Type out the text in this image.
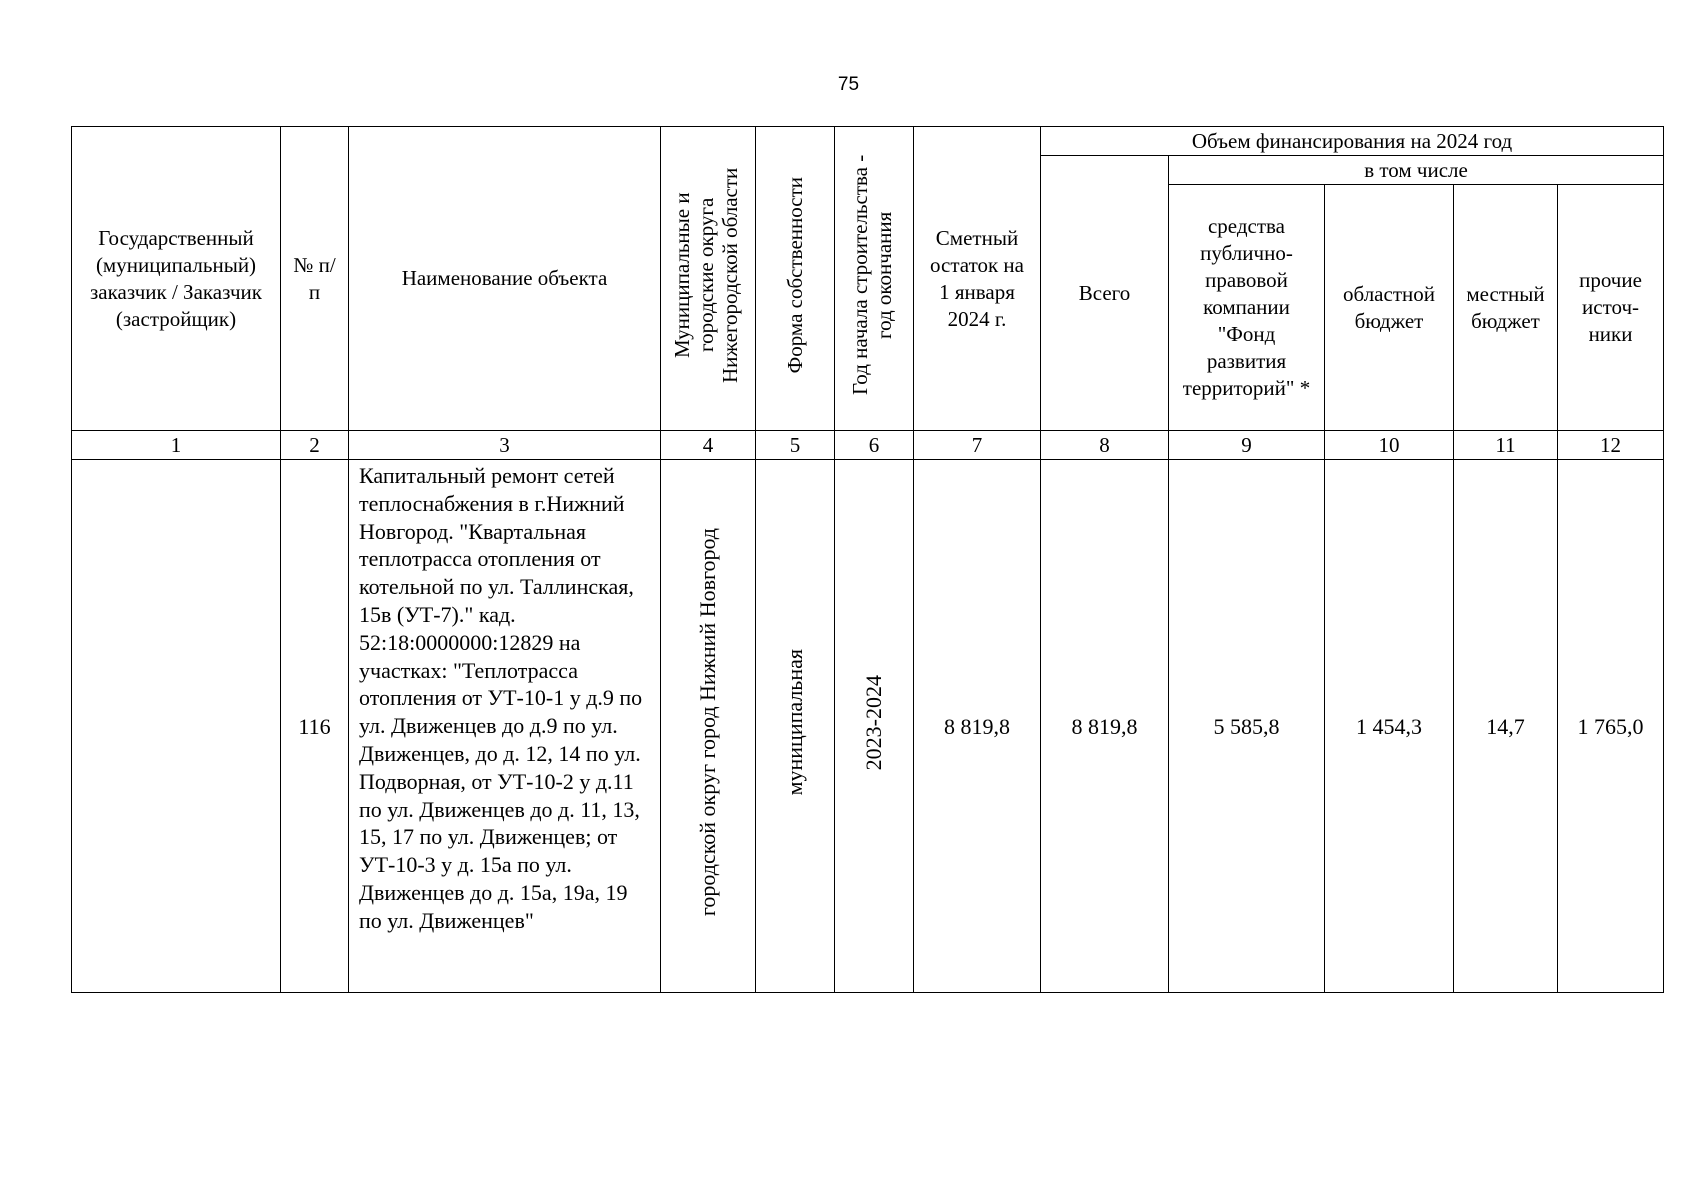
75
Государственный (муниципальный) заказчик / Заказчик (застройщик)	№ п/п	Наименование объекта	Муниципальные и городские округа Нижегородской области	Форма собственности	Год начала строительства - год окончания	Сметный остаток на 1 января 2024 г.	Объем финансирования на 2024 год				
							Всего	в том числе			
								средства публично-правовой компании "Фонд развития территорий" *	областной бюджет	местный бюджет	прочие источ-ники
1	2	3	4	5	6	7	8	9	10	11	12
	116	Капитальный ремонт сетей теплоснабжения в г.Нижний Новгород. "Квартальная теплотрасса отопления от котельной по ул. Таллинская, 15в (УТ-7)." кад. 52:18:0000000:12829 на участках: "Теплотрасса отопления от УТ-10-1 у д.9 по ул. Движенцев до д.9 по ул. Движенцев, до д. 12, 14 по ул. Подворная, от УТ-10-2 у д.11 по ул. Движенцев до д. 11, 13, 15, 17 по ул. Движенцев; от УТ-10-3 у д. 15а по ул. Движенцев до д. 15а, 19а, 19 по ул. Движенцев"	городской округ город Нижний Новгород	муниципальная	2023-2024	8 819,8	8 819,8	5 585,8	1 454,3	14,7	1 765,0
